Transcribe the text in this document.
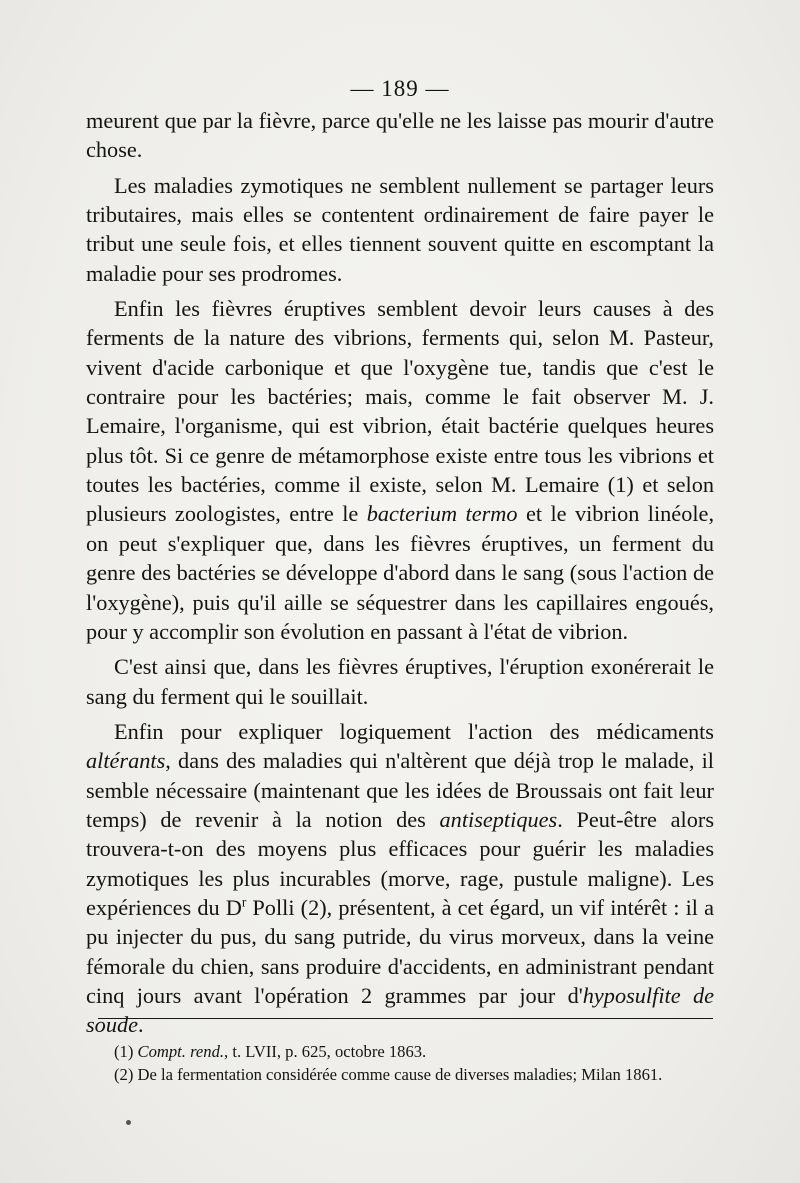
— 189 —

meurent que par la fièvre, parce qu'elle ne les laisse pas mourir d'autre chose.

Les maladies zymotiques ne semblent nullement se partager leurs tributaires, mais elles se contentent ordinairement de faire payer le tribut une seule fois, et elles tiennent souvent quitte en escomptant la maladie pour ses prodromes.

Enfin les fièvres éruptives semblent devoir leurs causes à des ferments de la nature des vibrions, ferments qui, selon M. Pasteur, vivent d'acide carbonique et que l'oxygène tue, tandis que c'est le contraire pour les bactéries; mais, comme le fait observer M. J. Lemaire, l'organisme, qui est vibrion, était bactérie quelques heures plus tôt. Si ce genre de métamorphose existe entre tous les vibrions et toutes les bactéries, comme il existe, selon M. Lemaire (1) et selon plusieurs zoologistes, entre le bacterium termo et le vibrion linéole, on peut s'expliquer que, dans les fièvres éruptives, un ferment du genre des bactéries se développe d'abord dans le sang (sous l'action de l'oxygène), puis qu'il aille se séquestrer dans les capillaires engoués, pour y accomplir son évolution en passant à l'état de vibrion.

C'est ainsi que, dans les fièvres éruptives, l'éruption exonérerait le sang du ferment qui le souillait.

Enfin pour expliquer logiquement l'action des médicaments altérants, dans des maladies qui n'altèrent que déjà trop le malade, il semble nécessaire (maintenant que les idées de Broussais ont fait leur temps) de revenir à la notion des antiseptiques. Peut-être alors trouvera-t-on des moyens plus efficaces pour guérir les maladies zymotiques les plus incurables (morve, rage, pustule maligne). Les expériences du $D^r$ Polli (2), présentent, à cet égard, un vif intérêt : il a pu injecter du pus, du sang putride, du virus morveux, dans la veine fémorale du chien, sans produire d'accidents, en administrant pendant cinq jours avant l'opération 2 grammes par jour d'hyposulfite de soude.

(1) Compt. rend., t. LVII, p. 625, octobre 1863.
(2) De la fermentation considérée comme cause de diverses maladies; Milan 1861.
